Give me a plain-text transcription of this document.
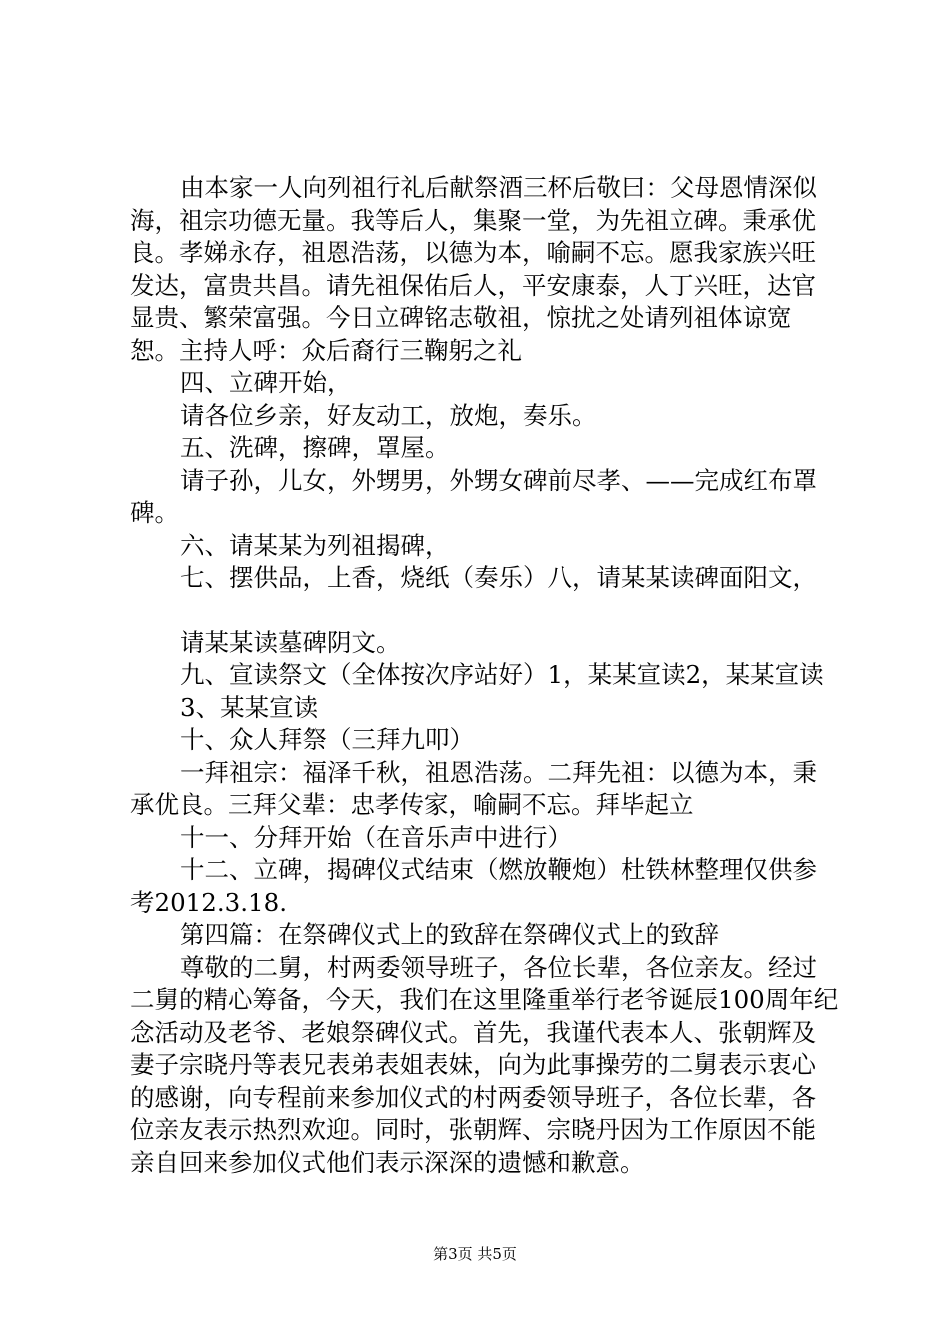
由本家一人向列祖行礼后献祭酒三杯后敬曰：父母恩情深似海，祖宗功德无量。我等后人，集聚一堂，为先祖立碑。秉承优良。孝娣永存，祖恩浩荡，以德为本，喻嗣不忘。愿我家族兴旺发达，富贵共昌。请先祖保佑后人，平安康泰，人丁兴旺，达官显贵、繁荣富强。今日立碑铭志敬祖，惊扰之处请列祖体谅宽恕。主持人呼：众后裔行三鞠躬之礼

四、立碑开始，

请各位乡亲，好友动工，放炮，奏乐。

五、洗碑，擦碑，罩屋。

请子孙，儿女，外甥男，外甥女碑前尽孝、——完成红布罩碑。

六、请某某为列祖揭碑，

七、摆供品，上香，烧纸（奏乐）八，请某某读碑面阳文，

请某某读墓碑阴文。

九、宣读祭文（全体按次序站好）1，某某宣读2，某某宣读

3、某某宣读

十、众人拜祭（三拜九叩）

一拜祖宗：福泽千秋，祖恩浩荡。二拜先祖：以德为本，秉承优良。三拜父辈：忠孝传家，喻嗣不忘。拜毕起立

十一、分拜开始（在音乐声中进行）

十二、立碑，揭碑仪式结束（燃放鞭炮）杜铁林整理仅供参考2012.3.18.

第四篇：在祭碑仪式上的致辞在祭碑仪式上的致辞

尊敬的二舅，村两委领导班子，各位长辈，各位亲友。经过二舅的精心筹备，今天，我们在这里隆重举行老爷诞辰100周年纪念活动及老爷、老娘祭碑仪式。首先，我谨代表本人、张朝辉及妻子宗晓丹等表兄表弟表姐表妹，向为此事操劳的二舅表示衷心的感谢，向专程前来参加仪式的村两委领导班子，各位长辈，各位亲友表示热烈欢迎。同时，张朝辉、宗晓丹因为工作原因不能亲自回来参加仪式他们表示深深的遗憾和歉意。

第3页 共5页
